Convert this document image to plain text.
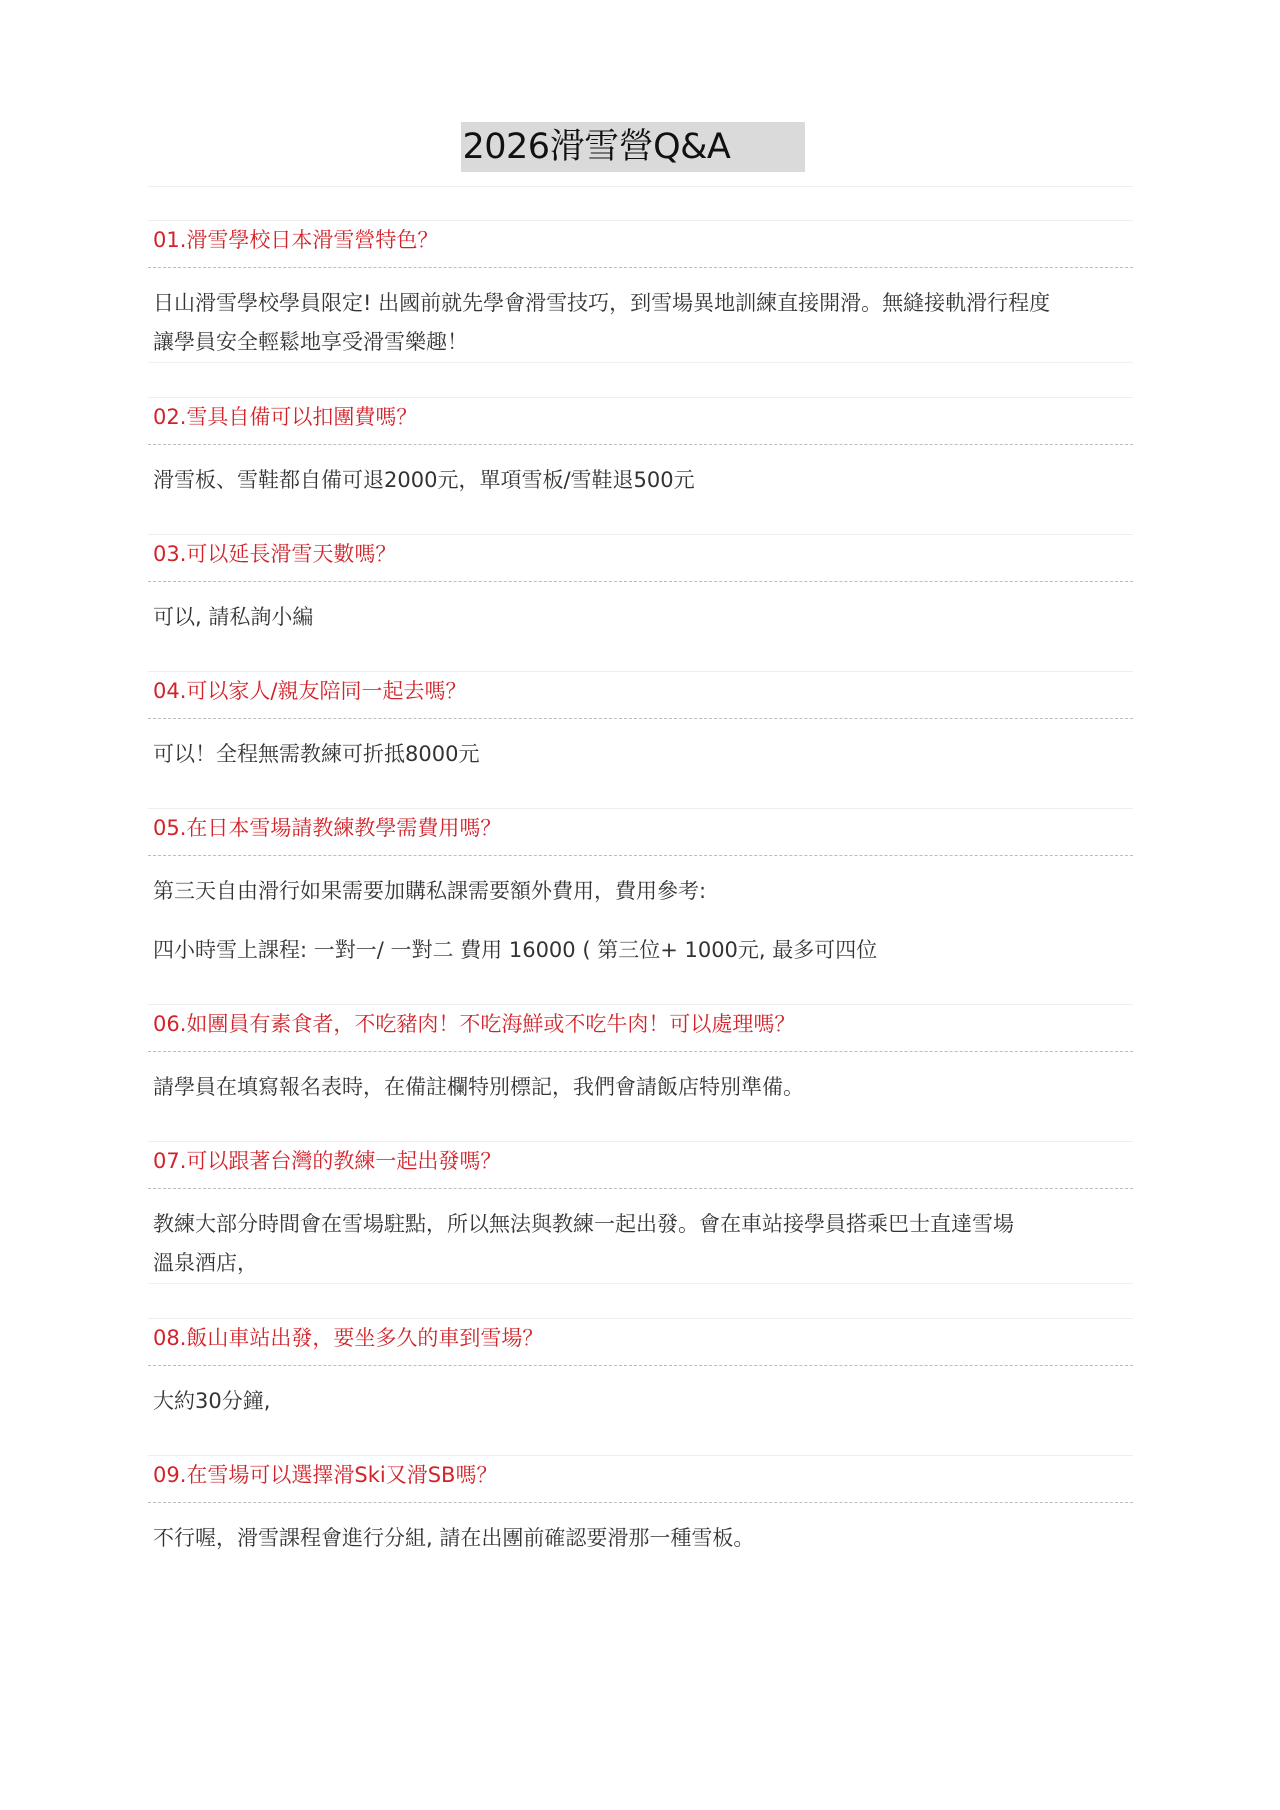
2026滑雪營Q&A
01.滑雪學校日本滑雪營特色？

日山滑雪學校學員限定! 出國前就先學會滑雪技巧，到雪場異地訓練直接開滑。無縫接軌滑行程度

讓學員安全輕鬆地享受滑雪樂趣！

02.雪具自備可以扣團費嗎？

滑雪板、雪鞋都自備可退2000元，單項雪板/雪鞋退500元

03.可以延長滑雪天數嗎？

可以, 請私詢小編

04.可以家人/親友陪同一起去嗎？

可以！全程無需教練可折抵8000元

05.在日本雪場請教練教學需費用嗎？

第三天自由滑行如果需要加購私課需要額外費用，費用參考:

四小時雪上課程: 一對一/ 一對二 費用 16000 ( 第三位+ 1000元, 最多可四位

06.如團員有素食者，不吃豬肉！不吃海鮮或不吃牛肉！可以處理嗎？

請學員在填寫報名表時，在備註欄特別標記，我們會請飯店特別準備。

07.可以跟著台灣的教練一起出發嗎？

教練大部分時間會在雪場駐點，所以無法與教練一起出發。會在車站接學員搭乘巴士直達雪場

溫泉酒店，

08.飯山車站出發，要坐多久的車到雪場？

大約30分鐘,

09.在雪場可以選擇滑Ski又滑SB嗎？

不行喔，滑雪課程會進行分組, 請在出團前確認要滑那一種雪板。
